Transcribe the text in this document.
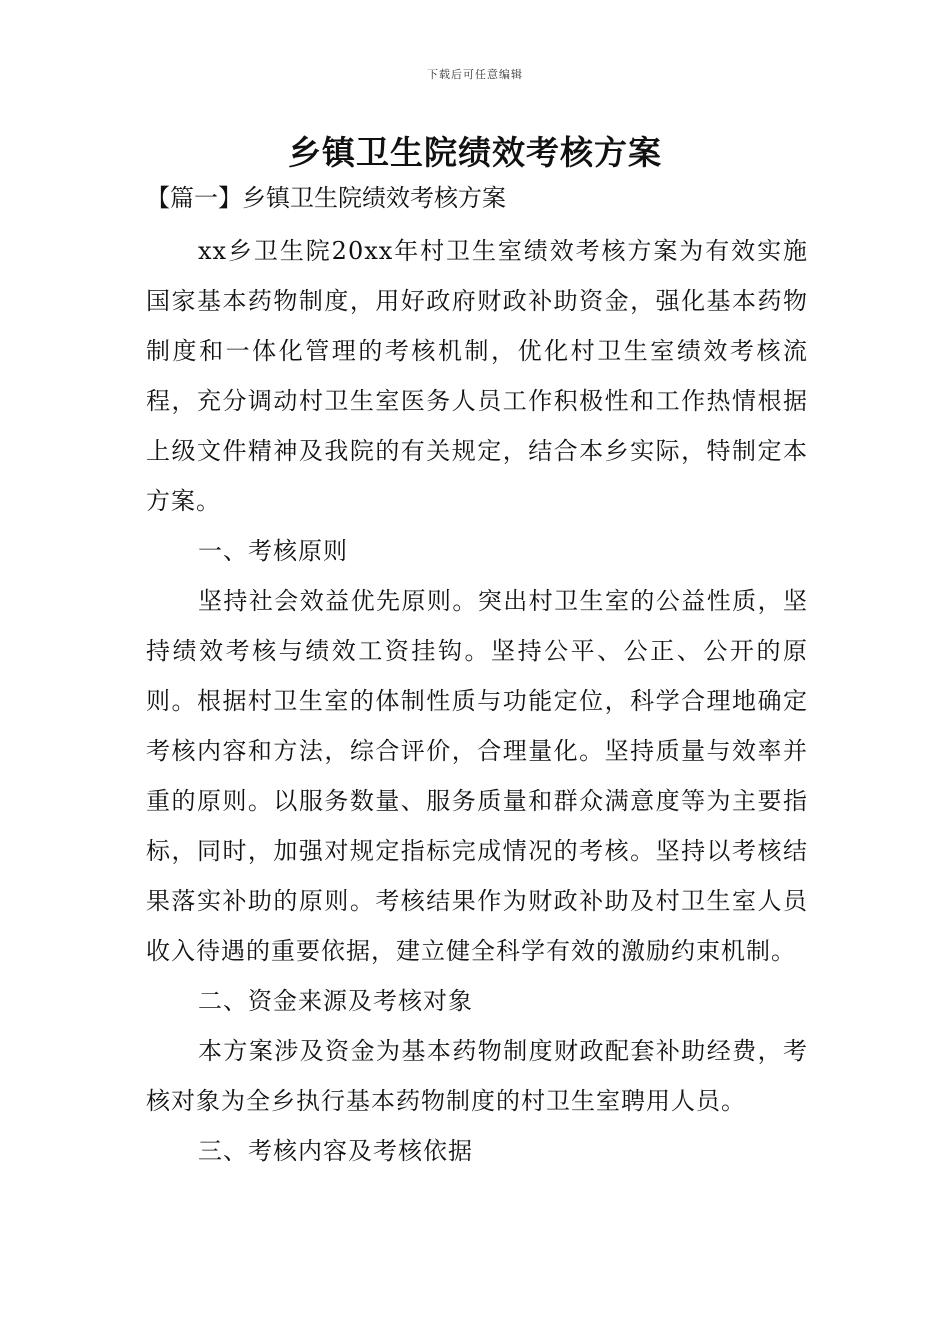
下载后可任意编辑
乡镇卫生院绩效考核方案
【篇一】乡镇卫生院绩效考核方案

xx乡卫生院20xx年村卫生室绩效考核方案为有效实施国家基本药物制度，用好政府财政补助资金，强化基本药物制度和一体化管理的考核机制，优化村卫生室绩效考核流程，充分调动村卫生室医务人员工作积极性和工作热情根据上级文件精神及我院的有关规定，结合本乡实际，特制定本方案。

一、考核原则

坚持社会效益优先原则。突出村卫生室的公益性质，坚持绩效考核与绩效工资挂钩。坚持公平、公正、公开的原则。根据村卫生室的体制性质与功能定位，科学合理地确定考核内容和方法，综合评价，合理量化。坚持质量与效率并重的原则。以服务数量、服务质量和群众满意度等为主要指标，同时，加强对规定指标完成情况的考核。坚持以考核结果落实补助的原则。考核结果作为财政补助及村卫生室人员收入待遇的重要依据，建立健全科学有效的激励约束机制。

二、资金来源及考核对象

本方案涉及资金为基本药物制度财政配套补助经费，考核对象为全乡执行基本药物制度的村卫生室聘用人员。

三、考核内容及考核依据
